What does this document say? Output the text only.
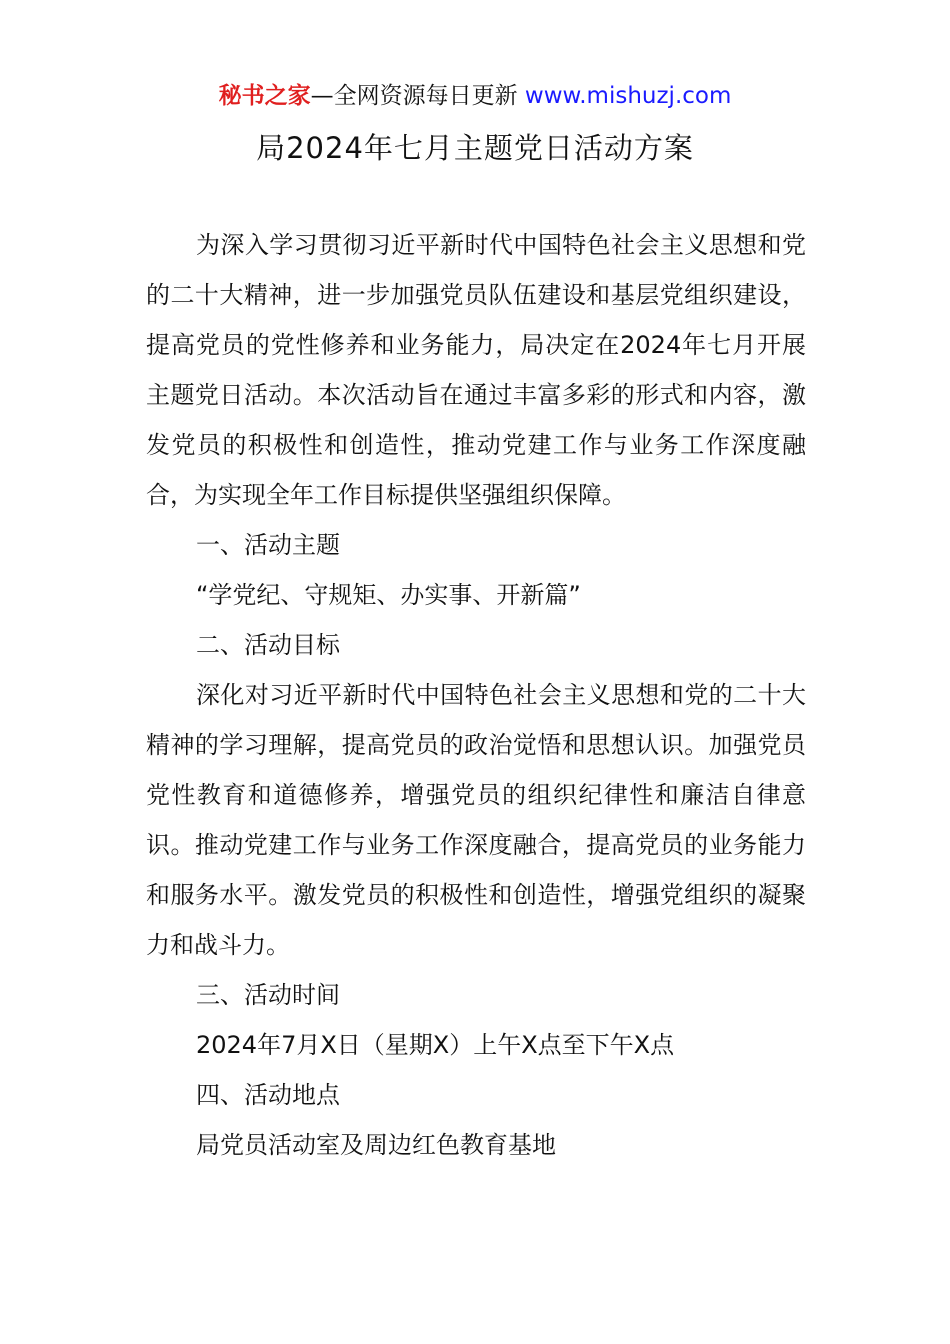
秘书之家—全网资源每日更新 www.mishuzj.com
局2024年七月主题党日活动方案

为深入学习贯彻习近平新时代中国特色社会主义思想和党的二十大精神，进一步加强党员队伍建设和基层党组织建设，提高党员的党性修养和业务能力，局决定在2024年七月开展主题党日活动。本次活动旨在通过丰富多彩的形式和内容，激发党员的积极性和创造性，推动党建工作与业务工作深度融合，为实现全年工作目标提供坚强组织保障。

一、活动主题

“学党纪、守规矩、办实事、开新篇”

二、活动目标

深化对习近平新时代中国特色社会主义思想和党的二十大精神的学习理解，提高党员的政治觉悟和思想认识。加强党员党性教育和道德修养，增强党员的组织纪律性和廉洁自律意识。推动党建工作与业务工作深度融合，提高党员的业务能力和服务水平。激发党员的积极性和创造性，增强党组织的凝聚力和战斗力。

三、活动时间

2024年7月X日（星期X）上午X点至下午X点

四、活动地点

局党员活动室及周边红色教育基地
